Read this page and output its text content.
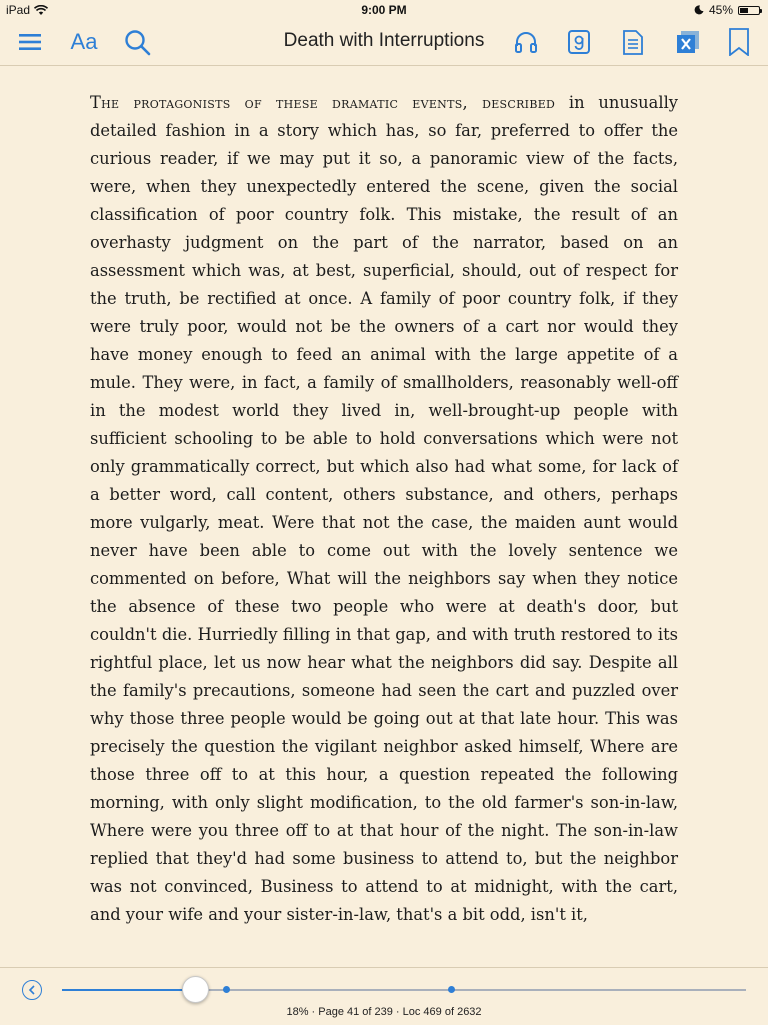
iPad	9:00 PM	45%
Aa	Death with Interruptions
The protagonists of these dramatic events, described in unusually detailed fashion in a story which has, so far, preferred to offer the curious reader, if we may put it so, a panoramic view of the facts, were, when they unexpectedly entered the scene, given the social classification of poor country folk. This mistake, the result of an overhasty judgment on the part of the narrator, based on an assessment which was, at best, superficial, should, out of respect for the truth, be rectified at once. A family of poor country folk, if they were truly poor, would not be the owners of a cart nor would they have money enough to feed an animal with the large appetite of a mule. They were, in fact, a family of smallholders, reasonably well-off in the modest world they lived in, well-brought-up people with sufficient schooling to be able to hold conversations which were not only grammatically correct, but which also had what some, for lack of a better word, call content, others substance, and others, perhaps more vulgarly, meat. Were that not the case, the maiden aunt would never have been able to come out with the lovely sentence we commented on before, What will the neighbors say when they notice the absence of these two people who were at death's door, but couldn't die. Hurriedly filling in that gap, and with truth restored to its rightful place, let us now hear what the neighbors did say. Despite all the family's precautions, someone had seen the cart and puzzled over why those three people would be going out at that late hour. This was precisely the question the vigilant neighbor asked himself, Where are those three off to at this hour, a question repeated the following morning, with only slight modification, to the old farmer's son-in-law, Where were you three off to at that hour of the night. The son-in-law replied that they'd had some business to attend to, but the neighbor was not convinced, Business to attend to at midnight, with the cart, and your wife and your sister-in-law, that's a bit odd, isn't it,
18% · Page 41 of 239 · Loc 469 of 2632
